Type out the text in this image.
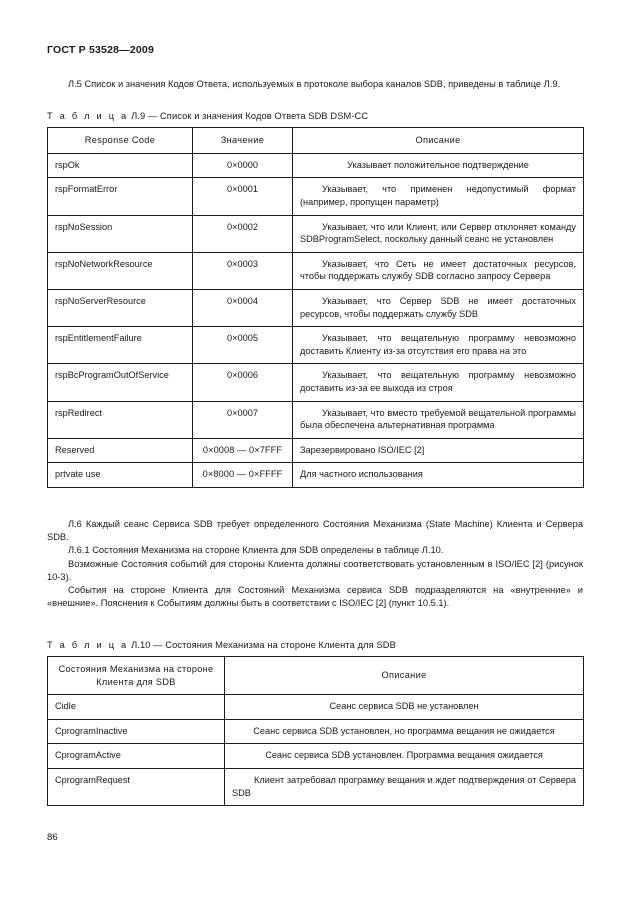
ГОСТ Р 53528—2009

Л.5 Список и значения Кодов Ответа, используемых в протоколе выбора каналов SDB, приведены в таблице Л.9.

Т а б л и ц а Л.9 — Список и значения Кодов Ответа SDB DSM-CC
Response Code	Значение	Описание
rspOk	0×0000	Указывает положительное подтверждение
rspFormatError	0×0001	Указывает, что применен недопустимый формат (например, пропущен параметр)
rspNoSession	0×0002	Указывает, что или Клиент, или Сервер отклоняет команду SDBProgramSelect, поскольку данный сеанс не установлен
rspNoNetworkResource	0×0003	Указывает, что Сеть не имеет достаточных ресурсов, чтобы поддержать службу SDB согласно запросу Сервера
rspNoServerResource	0×0004	Указывает, что Сервер SDB не имеет достаточных ресурсов, чтобы поддержать службу SDB
rspEntitlementFailure	0×0005	Указывает, что вещательную программу невозможно доставить Клиенту из-за отсутствия его права на это
rspBcProgramOutOfService	0×0006	Указывает, что вещательную программу невозможно доставить из-за ее выхода из строя
rspRedirect	0×0007	Указывает, что вместо требуемой вещательной программы была обеспечена альтернативная программа
Reserved	0×0008 — 0×7FFF	Зарезервировано ISO/IEC [2]
prtvate use	0×8000 — 0×FFFF	Для частного использования

Л.6 Каждый сеанс Сервиса SDB требует определенного Состояния Механизма (State Machine) Клиента и Сервера SDB.

Л.6.1 Состояния Механизма на стороне Клиента для SDB определены в таблице Л.10.

Возможные Состояния событий для стороны Клиента должны соответствовать установленным в ISO/IEC [2] (рисунок 10-3).

События на стороне Клиента для Состояний Механизма сервиса SDB подразделяются на «внутренние» и «внешние». Пояснения к Событиям должны быть в соответствии с ISO/IEC [2] (пункт 10.5.1).

Т а б л и ц а Л.10 — Состояния Механизма на стороне Клиента для SDB
Состояния Механизма на стороне
Клиента для SDB	Описание
Cidle	Сеанс сервиса SDB не установлен
CprogramInactive	Сеанс сервиса SDB установлен, но программа вещания не ожидается
CprogramActive	Сеанс сервиса SDB установлен. Программа вещания ожидается
CprogramRequest	Клиент затребовал программу вещания и ждет подтверждения от Сервера SDB
86
